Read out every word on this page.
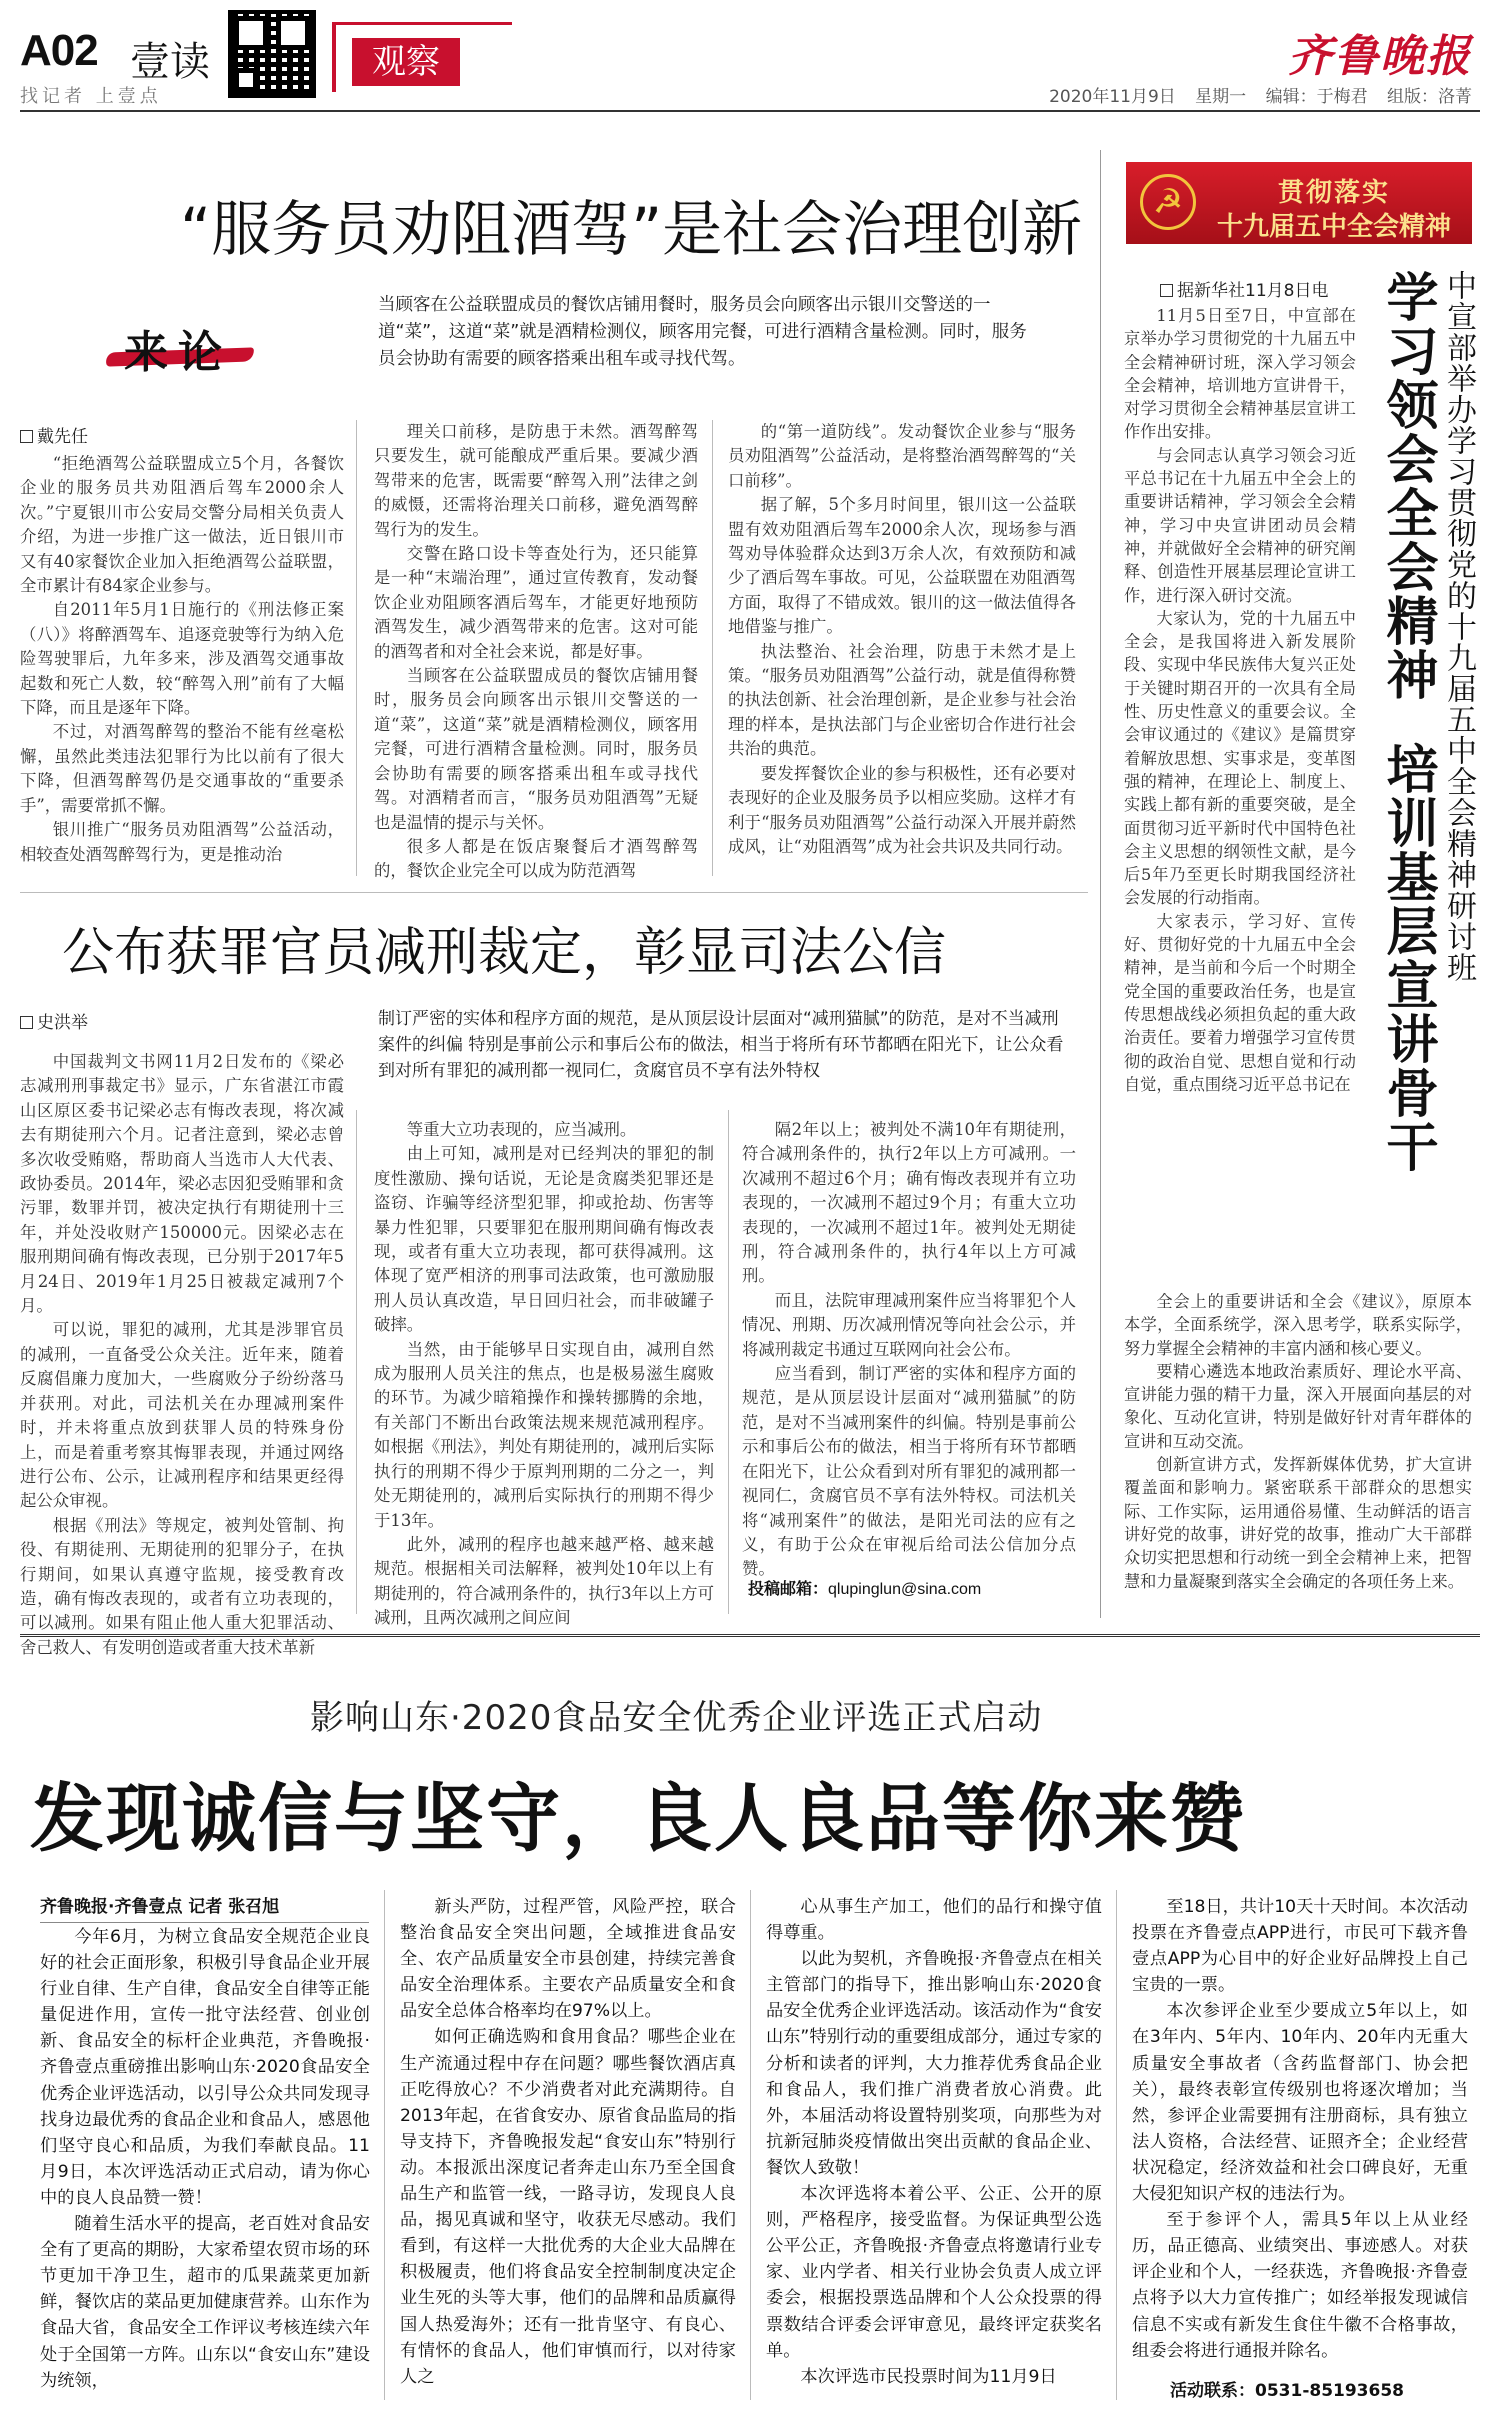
A02 壹读
找记者 上壹点
观察	齐鲁晚报
2020年11月9日 星期一 编辑：于梅君 组版：洛菁
“服务员劝阻酒驾”是社会治理创新
来论
当顾客在公益联盟成员的餐饮店铺用餐时，服务员会向顾客出示银川交警送的一道“菜”，这道“菜”就是酒精检测仪，顾客用完餐，可进行酒精含量检测。同时，服务员会协助有需要的顾客搭乘出租车或寻找代驾。
戴先任

“拒绝酒驾公益联盟成立5个月，各餐饮企业的服务员共劝阻酒后驾车2000余人次。”宁夏银川市公安局交警分局相关负责人介绍，为进一步推广这一做法，近日银川市又有40家餐饮企业加入拒绝酒驾公益联盟，全市累计有84家企业参与。

自2011年5月1日施行的《刑法修正案（八）》将醉酒驾车、追逐竞驶等行为纳入危险驾驶罪后，九年多来，涉及酒驾交通事故起数和死亡人数，较“醉驾入刑”前有了大幅下降，而且是逐年下降。

不过，对酒驾醉驾的整治不能有丝毫松懈，虽然此类违法犯罪行为比以前有了很大下降，但酒驾醉驾仍是交通事故的“重要杀手”，需要常抓不懈。

银川推广“服务员劝阻酒驾”公益活动，相较查处酒驾醉驾行为，更是推动治

理关口前移，是防患于未然。酒驾醉驾只要发生，就可能酿成严重后果。要减少酒驾带来的危害，既需要“醉驾入刑”法律之剑的威慑，还需将治理关口前移，避免酒驾醉驾行为的发生。

交警在路口设卡等查处行为，还只能算是一种“末端治理”，通过宣传教育，发动餐饮企业劝阻顾客酒后驾车，才能更好地预防酒驾发生，减少酒驾带来的危害。这对可能的酒驾者和对全社会来说，都是好事。

当顾客在公益联盟成员的餐饮店铺用餐时，服务员会向顾客出示银川交警送的一道“菜”，这道“菜”就是酒精检测仪，顾客用完餐，可进行酒精含量检测。同时，服务员会协助有需要的顾客搭乘出租车或寻找代驾。对酒精者而言，“服务员劝阻酒驾”无疑也是温情的提示与关怀。

很多人都是在饭店聚餐后才酒驾醉驾的，餐饮企业完全可以成为防范酒驾

的“第一道防线”。发动餐饮企业参与“服务员劝阻酒驾”公益活动，是将整治酒驾醉驾的“关口前移”。

据了解，5个多月时间里，银川这一公益联盟有效劝阻酒后驾车2000余人次，现场参与酒驾劝导体验群众达到3万余人次，有效预防和减少了酒后驾车事故。可见，公益联盟在劝阻酒驾方面，取得了不错成效。银川的这一做法值得各地借鉴与推广。

执法整治、社会治理，防患于未然才是上策。“服务员劝阻酒驾”公益行动，就是值得称赞的执法创新、社会治理创新，是企业参与社会治理的样本，是执法部门与企业密切合作进行社会共治的典范。

要发挥餐饮企业的参与积极性，还有必要对表现好的企业及服务员予以相应奖励。这样才有利于“服务员劝阻酒驾”公益行动深入开展并蔚然成风，让“劝阻酒驾”成为社会共识及共同行动。

公布获罪官员减刑裁定，彰显司法公信
制订严密的实体和程序方面的规范，是从顶层设计层面对“减刑猫腻”的防范，是对不当减刑案件的纠偏 特别是事前公示和事后公布的做法，相当于将所有环节都晒在阳光下，让公众看到对所有罪犯的减刑都一视同仁，贪腐官员不享有法外特权
史洪举

中国裁判文书网11月2日发布的《梁必志减刑刑事裁定书》显示，广东省湛江市霞山区原区委书记梁必志有悔改表现，将次减去有期徒刑六个月。记者注意到，梁必志曾多次收受贿赂，帮助商人当选市人大代表、政协委员。2014年，梁必志因犯受贿罪和贪污罪，数罪并罚，被决定执行有期徒刑十三年，并处没收财产150000元。因梁必志在服刑期间确有悔改表现，已分别于2017年5月24日、2019年1月25日被裁定减刑7个月。

可以说，罪犯的减刑，尤其是涉罪官员的减刑，一直备受公众关注。近年来，随着反腐倡廉力度加大，一些腐败分子纷纷落马并获刑。对此，司法机关在办理减刑案件时，并未将重点放到获罪人员的特殊身份上，而是着重考察其悔罪表现，并通过网络进行公布、公示，让减刑程序和结果更经得起公众审视。

根据《刑法》等规定，被判处管制、拘役、有期徒刑、无期徒刑的犯罪分子，在执行期间，如果认真遵守监规，接受教育改造，确有悔改表现的，或者有立功表现的，可以减刑。如果有阻止他人重大犯罪活动、舍己救人、有发明创造或者重大技术革新

等重大立功表现的，应当减刑。

由上可知，减刑是对已经判决的罪犯的制度性激励、操句话说，无论是贪腐类犯罪还是盗窃、诈骗等经济型犯罪，抑或抢劫、伤害等暴力性犯罪，只要罪犯在服刑期间确有悔改表现，或者有重大立功表现，都可获得减刑。这体现了宽严相济的刑事司法政策，也可激励服刑人员认真改造，早日回归社会，而非破罐子破摔。

当然，由于能够早日实现自由，减刑自然成为服刑人员关注的焦点，也是极易滋生腐败的环节。为减少暗箱操作和操转挪腾的余地，有关部门不断出台政策法规来规范减刑程序。如根据《刑法》，判处有期徒刑的，减刑后实际执行的刑期不得少于原判刑期的二分之一，判处无期徒刑的，减刑后实际执行的刑期不得少于13年。

此外，减刑的程序也越来越严格、越来越规范。根据相关司法解释，被判处10年以上有期徒刑的，符合减刑条件的，执行3年以上方可减刑，且两次减刑之间应间

隔2年以上；被判处不满10年有期徒刑，符合减刑条件的，执行2年以上方可减刑。一次减刑不超过6个月；确有悔改表现并有立功表现的，一次减刑不超过9个月；有重大立功表现的，一次减刑不超过1年。被判处无期徒刑，符合减刑条件的，执行4年以上方可减刑。

而且，法院审理减刑案件应当将罪犯个人情况、刑期、历次减刑情况等向社会公示，并将减刑裁定书通过互联网向社会公布。

应当看到，制订严密的实体和程序方面的规范，是从顶层设计层面对“减刑猫腻”的防范，是对不当减刑案件的纠偏。特别是事前公示和事后公布的做法，相当于将所有环节都晒在阳光下，让公众看到对所有罪犯的减刑都一视同仁，贪腐官员不享有法外特权。司法机关将“减刑案件”的做法，是阳光司法的应有之义，有助于公众在审视后给司法公信加分点赞。

投稿邮箱：qlupinglun@sina.com
☭	贯彻落实
十九届五中全会精神
中宣部举办学习贯彻党的十九届五中全会精神研讨班
学习领会全会精神  培训基层宣讲骨干
据新华社11月8日电

11月5日至7日，中宣部在京举办学习贯彻党的十九届五中全会精神研讨班，深入学习领会全会精神，培训地方宣讲骨干，对学习贯彻全会精神基层宣讲工作作出安排。

与会同志认真学习领会习近平总书记在十九届五中全会上的重要讲话精神，学习领会全会精神，学习中央宣讲团动员会精神，并就做好全会精神的研究阐释、创造性开展基层理论宣讲工作，进行深入研讨交流。

大家认为，党的十九届五中全会，是我国将进入新发展阶段、实现中华民族伟大复兴正处于关键时期召开的一次具有全局性、历史性意义的重要会议。全会审议通过的《建议》是篇贯穿着解放思想、实事求是，变革图强的精神，在理论上、制度上、实践上都有新的重要突破，是全面贯彻习近平新时代中国特色社会主义思想的纲领性文献，是今后5年乃至更长时期我国经济社会发展的行动指南。

大家表示，学习好、宣传好、贯彻好党的十九届五中全会精神，是当前和今后一个时期全党全国的重要政治任务，也是宣传思想战线必须担负起的重大政治责任。要着力增强学习宣传贯彻的政治自觉、思想自觉和行动自觉，重点围绕习近平总书记在

全会上的重要讲话和全会《建议》，原原本本学，全面系统学，深入思考学，联系实际学，努力掌握全会精神的丰富内涵和核心要义。

要精心遴选本地政治素质好、理论水平高、宣讲能力强的精干力量，深入开展面向基层的对象化、互动化宣讲，特别是做好针对青年群体的宣讲和互动交流。

创新宣讲方式，发挥新媒体优势，扩大宣讲覆盖面和影响力。紧密联系干部群众的思想实际、工作实际，运用通俗易懂、生动鲜活的语言讲好党的故事，讲好党的故事，推动广大干部群众切实把思想和行动统一到全会精神上来，把智慧和力量凝聚到落实全会确定的各项任务上来。

影响山东·2020食品安全优秀企业评选正式启动
发现诚信与坚守，良人良品等你来赞
齐鲁晚报·齐鲁壹点 记者 张召旭

今年6月，为树立食品安全规范企业良好的社会正面形象，积极引导食品企业开展行业自律、生产自律，食品安全自律等正能量促进作用，宣传一批守法经营、创业创新、食品安全的标杆企业典范，齐鲁晚报·齐鲁壹点重磅推出影响山东·2020食品安全优秀企业评选活动，以引导公众共同发现寻找身边最优秀的食品企业和食品人，感恩他们坚守良心和品质，为我们奉献良品。11月9日，本次评选活动正式启动，请为你心中的良人良品赞一赞！

随着生活水平的提高，老百姓对食品安全有了更高的期盼，大家希望农贸市场的环节更加干净卫生，超市的瓜果蔬菜更加新鲜，餐饮店的菜品更加健康营养。山东作为食品大省，食品安全工作评议考核连续六年处于全国第一方阵。山东以“食安山东”建设为统领，

新头严防，过程严管，风险严控，联合整治食品安全突出问题，全域推进食品安全、农产品质量安全市县创建，持续完善食品安全治理体系。主要农产品质量安全和食品安全总体合格率均在97%以上。

如何正确选购和食用食品？哪些企业在生产流通过程中存在问题？哪些餐饮酒店真正吃得放心？不少消费者对此充满期待。自2013年起，在省食安办、原省食品监局的指导支持下，齐鲁晚报发起“食安山东”特别行动。本报派出深度记者奔走山东乃至全国食品生产和监管一线，一路寻访，发现良人良品，揭见真诚和坚守，收获无尽感动。我们看到，有这样一大批优秀的大企业大品牌在积极履责，他们将食品安全控制制度决定企业生死的头等大事，他们的品牌和品质赢得国人热爱海外；还有一批肯坚守、有良心、有情怀的食品人，他们审慎而行，以对待家人之

心从事生产加工，他们的品行和操守值得尊重。

以此为契机，齐鲁晚报·齐鲁壹点在相关主管部门的指导下，推出影响山东·2020食品安全优秀企业评选活动。该活动作为“食安山东”特别行动的重要组成部分，通过专家的分析和读者的评判，大力推荐优秀食品企业和食品人，我们推广消费者放心消费。此外，本届活动将设置特别奖项，向那些为对抗新冠肺炎疫情做出突出贡献的食品企业、餐饮人致敬！

本次评选将本着公平、公正、公开的原则，严格程序，接受监督。为保证典型公选公平公正，齐鲁晚报·齐鲁壹点将邀请行业专家、业内学者、相关行业协会负责人成立评委会，根据投票选品牌和个人公众投票的得票数结合评委会评审意见，最终评定获奖名单。

本次评选市民投票时间为11月9日

至18日，共计10天十天时间。本次活动投票在齐鲁壹点APP进行，市民可下载齐鲁壹点APP为心目中的好企业好品牌投上自己宝贵的一票。

本次参评企业至少要成立5年以上，如在3年内、5年内、10年内、20年内无重大质量安全事故者（含药监督部门、协会把关），最终表彰宣传级别也将逐次增加；当然，参评企业需要拥有注册商标，具有独立法人资格，合法经营、证照齐全；企业经营状况稳定，经济效益和社会口碑良好，无重大侵犯知识产权的违法行为。

至于参评个人，需具5年以上从业经历，品正德高、业绩突出、事迹感人。对获评企业和个人，一经获选，齐鲁晚报·齐鲁壹点将予以大力宣传推广；如经举报发现诚信信息不实或有新发生食住牛徽不合格事故，组委会将进行通报并除名。

活动联系：0531-85193658
